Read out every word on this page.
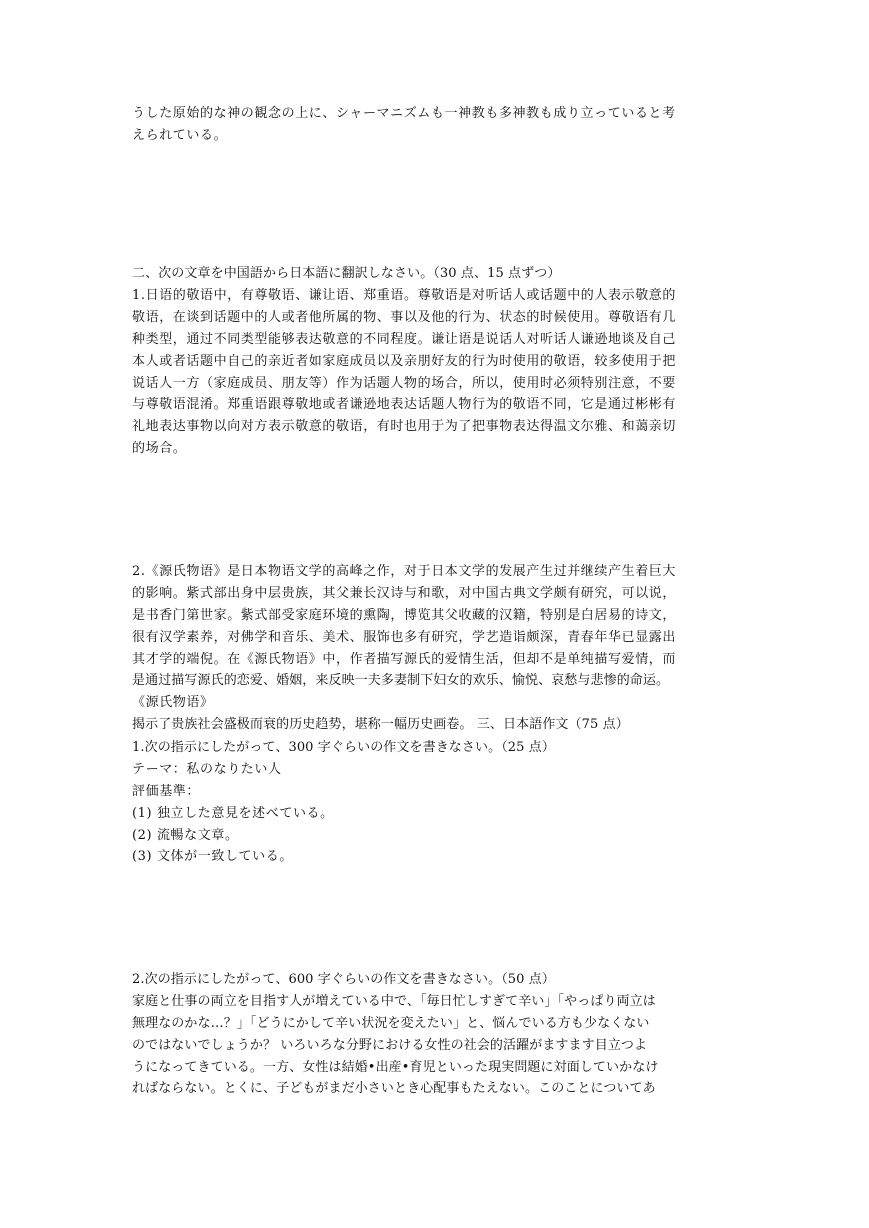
うした原始的な神の観念の上に、シャーマニズムも一神教も多神教も成り立っていると考
えられている。
二、次の文章を中国語から日本語に翻訳しなさい。（30 点、15 点ずつ）
1.日语的敬语中，有尊敬语、谦让语、郑重语。尊敬语是对听话人或话题中的人表示敬意的
敬语，在谈到话题中的人或者他所属的物、事以及他的行为、状态的时候使用。尊敬语有几
种类型，通过不同类型能够表达敬意的不同程度。谦让语是说话人对听话人谦逊地谈及自己
本人或者话题中自己的亲近者如家庭成员以及亲朋好友的行为时使用的敬语，较多使用于把
说话人一方（家庭成员、朋友等）作为话题人物的场合，所以，使用时必须特别注意，不要
与尊敬语混淆。郑重语跟尊敬地或者谦逊地表达话题人物行为的敬语不同，它是通过彬彬有
礼地表达事物以向对方表示敬意的敬语，有时也用于为了把事物表达得温文尔雅、和蔼亲切
的场合。
2.《源氏物语》是日本物语文学的高峰之作，对于日本文学的发展产生过并继续产生着巨大
的影响。紫式部出身中层贵族，其父兼长汉诗与和歌，对中国古典文学颇有研究，可以说，
是书香门第世家。紫式部受家庭环境的熏陶，博览其父收藏的汉籍，特别是白居易的诗文，
很有汉学素养，对佛学和音乐、美术、服饰也多有研究，学艺造诣颇深，青春年华已显露出
其才学的端倪。在《源氏物语》中，作者描写源氏的爱情生活，但却不是单纯描写爱情，而
是通过描写源氏的恋爱、婚姻，来反映一夫多妻制下妇女的欢乐、愉悦、哀愁与悲惨的命运。
《源氏物语》
揭示了贵族社会盛极而衰的历史趋势，堪称一幅历史画卷。 三、日本語作文（75 点）
1.次の指示にしたがって、300 字ぐらいの作文を書きなさい。（25 点）
テーマ：私のなりたい人
評価基準：
(1) 独立した意見を述べている。
(2) 流暢な文章。
(3) 文体が一致している。
2.次の指示にしたがって、600 字ぐらいの作文を書きなさい。（50 点）
家庭と仕事の両立を目指す人が増えている中で、「毎日忙しすぎて辛い」「やっぱり両立は
無理なのかな…？」「どうにかして辛い状況を変えたい」と、悩んでいる方も少なくない
のではないでしょうか？ いろいろな分野における女性の社会的活躍がますます目立つよ
うになってきている。一方、女性は結婚•出産•育児といった現実問題に対面していかなけ
ればならない。とくに、子どもがまだ小さいとき心配事もたえない。このことについてあ
